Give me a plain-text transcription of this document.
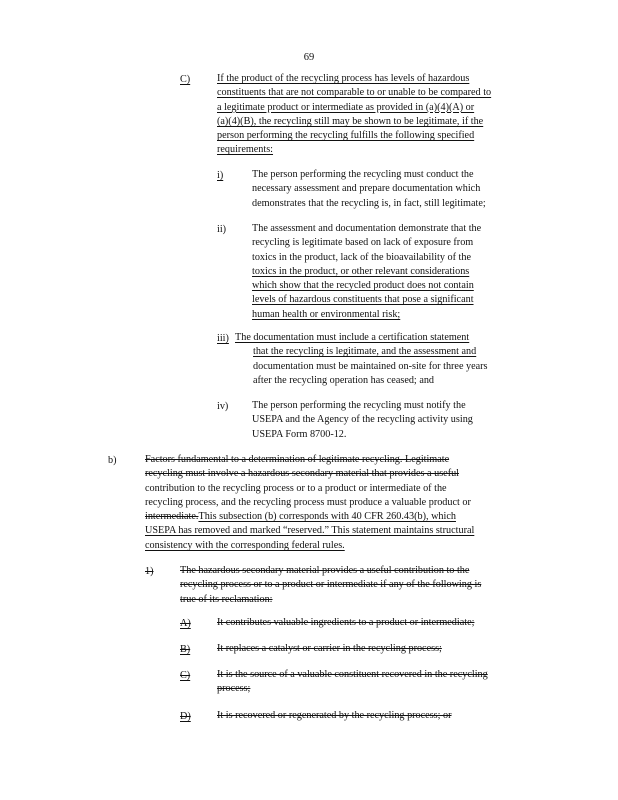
69
C)	If the product of the recycling process has levels of hazardous
constituents that are not comparable to or unable to be compared to
a legitimate product or intermediate as provided in (a)(4)(A) or
(a)(4)(B), the recycling still may be shown to be legitimate, if the
person performing the recycling fulfills the following specified
requirements:
i)	The person performing the recycling must conduct the
necessary assessment and prepare documentation which
demonstrates that the recycling is, in fact, still legitimate;
ii)	The assessment and documentation demonstrate that the
recycling is legitimate based on lack of exposure from
toxics in the product, lack of the bioavailability of the
toxics in the product, or other relevant considerations
which show that the recycled product does not contain
levels of hazardous constituents that pose a significant
human health or environmental risk;
iii) The documentation must include a certification statement
that the recycling is legitimate, and the assessment and
documentation must be maintained on-site for three years
after the recycling operation has ceased; and
iv) The person performing the recycling must notify the
USEPA and the Agency of the recycling activity using
USEPA Form 8700-12.
b)	Factors fundamental to a determination of legitimate recycling. Legitimate
recycling must involve a hazardous secondary material that provides a useful
contribution to the recycling process or to a product or intermediate of the
recycling process, and the recycling process must produce a valuable product or
intermediate.This subsection (b) corresponds with 40 CFR 260.43(b), which
USEPA has removed and marked “reserved.” This statement maintains structural
consistency with the corresponding federal rules.
1)	The hazardous secondary material provides a useful contribution to the
recycling process or to a product or intermediate if any of the following is
true of its reclamation:
A)	It contributes valuable ingredients to a product or intermediate;
B)	It replaces a catalyst or carrier in the recycling process;
C)	It is the source of a valuable constituent recovered in the recycling
process;
D)	It is recovered or regenerated by the recycling process; or
